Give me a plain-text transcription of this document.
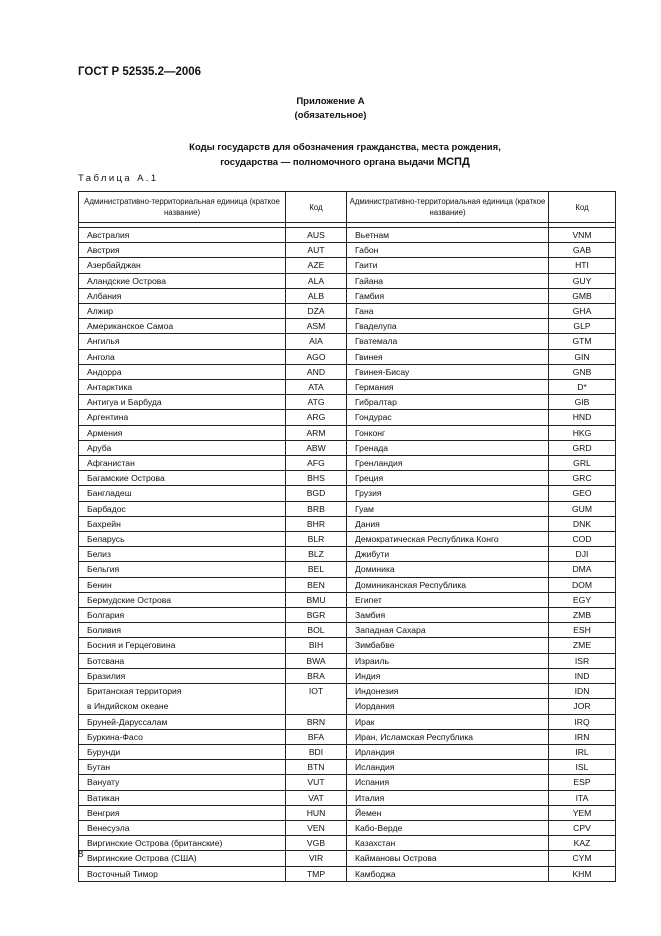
ГОСТ Р 52535.2—2006
Приложение А
(обязательное)
Коды государств для обозначения гражданства, места рождения,
государства — полномочного органа выдачи МСПД
Таблица А.1
Административно-территориальная единица (краткое название)	Код	Административно-территориальная единица (краткое название)	Код

Австралия	AUS	Вьетнам	VNM
Австрия	AUT	Габон	GAB
Азербайджан	AZE	Гаити	HTI
Аландские Острова	ALA	Гайана	GUY
Албания	ALB	Гамбия	GMB
Алжир	DZA	Гана	GHA
Американское Самоа	ASM	Гваделупа	GLP
Ангилья	AIA	Гватемала	GTM
Ангола	AGO	Гвинея	GIN
Андорра	AND	Гвинея-Бисау	GNB
Антарктика	ATA	Германия	D*
Антигуа и Барбуда	ATG	Гибралтар	GIB
Аргентина	ARG	Гондурас	HND
Армения	ARM	Гонконг	HKG
Аруба	ABW	Гренада	GRD
Афганистан	AFG	Гренландия	GRL
Багамские Острова	BHS	Греция	GRC
Бангладеш	BGD	Грузия	GEO
Барбадос	BRB	Гуам	GUM
Бахрейн	BHR	Дания	DNK
Беларусь	BLR	Демократическая Республика Конго	COD
Белиз	BLZ	Джибути	DJI
Бельгия	BEL	Доминика	DMA
Бенин	BEN	Доминиканская Республика	DOM
Бермудские Острова	BMU	Египет	EGY
Болгария	BGR	Замбия	ZMB
Боливия	BOL	Западная Сахара	ESH
Босния и Герцеговина	BIH	Зимбабве	ZME
Ботсвана	BWA	Израиль	ISR
Бразилия	BRA	Индия	IND
Британская территория	IOT	Индонезия	IDN
в Индийском океане		Иордания	JOR
Бруней-Даруссалам	BRN	Ирак	IRQ
Буркина-Фасо	BFA	Иран, Исламская Республика	IRN
Бурунди	BDI	Ирландия	IRL
Бутан	BTN	Исландия	ISL
Вануату	VUT	Испания	ESP
Ватикан	VAT	Италия	ITA
Венгрия	HUN	Йемен	YEM
Венесуэла	VEN	Кабо-Верде	CPV
Виргинские Острова (британские)	VGB	Казахстан	KAZ
Виргинские Острова (США)	VIR	Каймановы Острова	CYM
Восточный Тимор	TMP	Камбоджа	KHM
8
